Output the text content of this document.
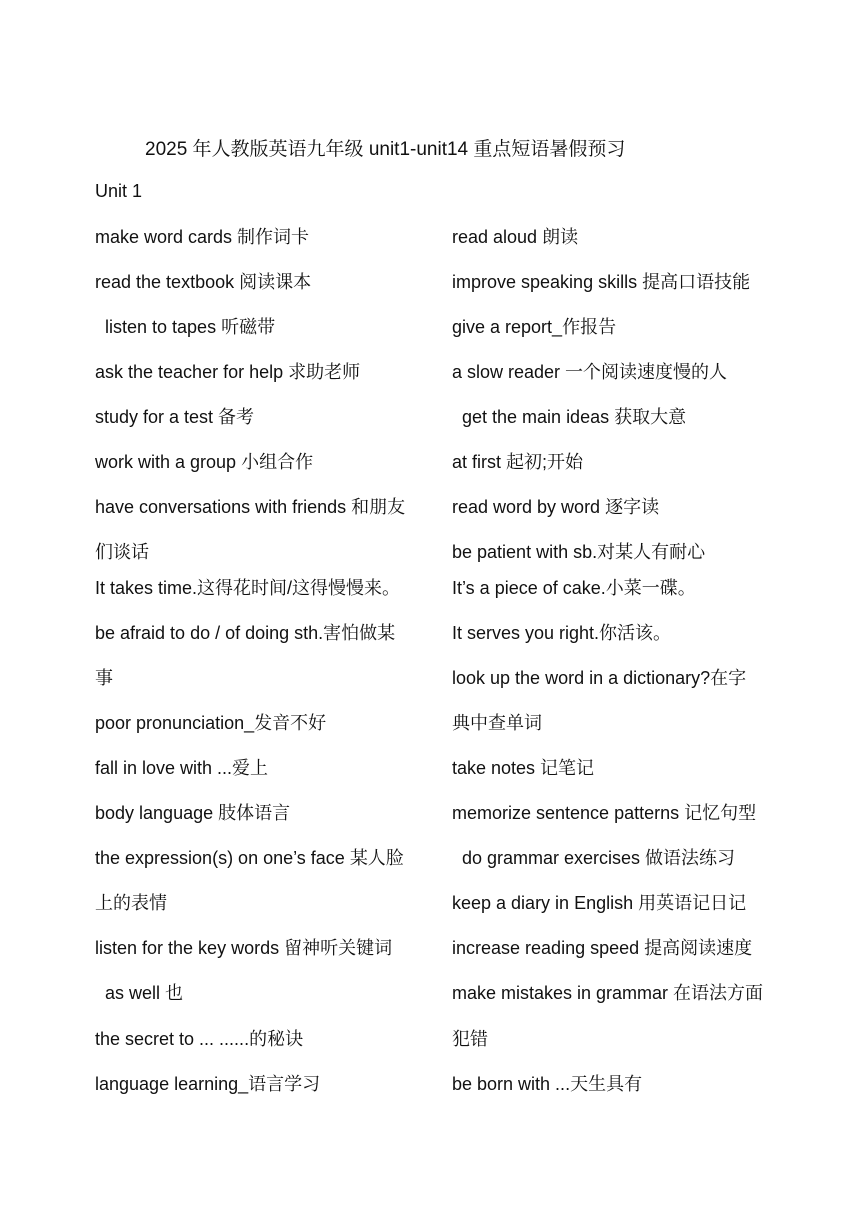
2025 年人教版英语九年级 unit1-unit14 重点短语暑假预习
Unit 1
make word cards 制作词卡
read the textbook 阅读课本
listen to tapes 听磁带
ask the teacher for help 求助老师
study for a test 备考
work with a group 小组合作
have conversations with friends 和朋友
们谈话
It takes time.这得花时间/这得慢慢来。
be afraid to do / of doing sth.害怕做某
事
poor pronunciation_发音不好
fall in love with ...爱上
body language 肢体语言
the expression(s) on one’s face 某人脸
上的表情
listen for the key words 留神听关键词
as well 也
the secret to ... ......的秘诀
language learning_语言学习
read aloud 朗读
improve speaking skills 提高口语技能
give a report_作报告
a slow reader 一个阅读速度慢的人
get the main ideas 获取大意
at first 起初;开始
read word by word 逐字读
be patient with sb.对某人有耐心
It’s a piece of cake.小菜一碟。
It serves you right.你活该。
look up the word in a dictionary?在字
典中查单词
take notes 记笔记
memorize sentence patterns 记忆句型
do grammar exercises 做语法练习
keep a diary in English 用英语记日记
increase reading speed 提高阅读速度
make mistakes in grammar 在语法方面
犯错
be born with ...天生具有
